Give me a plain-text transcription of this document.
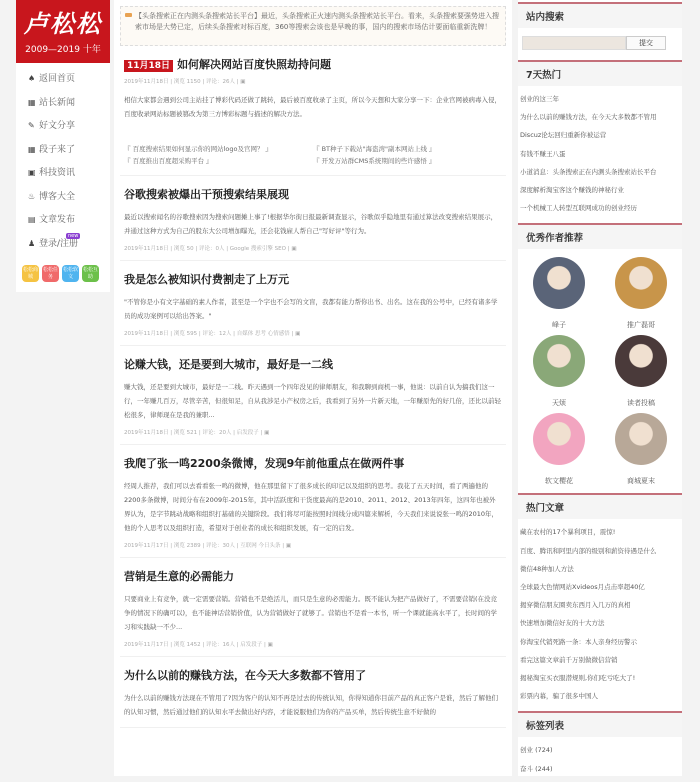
卢松松
2009—2019 十年
♠ 返回首页
▦ 站长新闻
✎ 好文分享
▦ 段子来了
▣ 科技资讯
♨ 博客大全
▤ 文章发布
♟ 登录/注册
new
松松商城
松松任务
松松软文
松松互助
【头条搜索正在内测头条搜索站长平台】最近，头条搜索正火速内测头条搜索站长平台。看来，头条搜索要强势进入搜索市场是大势已定，后续头条搜索对标百度，360等搜索会该也是早晚的事，国内的搜索市场估计要面临重新洗牌！
11月18日 如何解决网站百度快照劫持问题
2019年11月18日 | 浏览 1150 | 评论：26人 | ▣

相信大家都会遇到公司主站挂了博彩代码还做了跳转，最后被百度收录了主页，所以今天想和大家分享一下：企业官网被病毒入侵，百度收录网站标题被篡改为第三方博彩标题与描述的解决方法。

『 百度搜索结果如何显示你的网站logo及官网？ 』	『 BT种子下载站"海盗湾"副本网站上线 』
『 百度推出百度超采购平台 』	『 开发万站群CMS系统期间的些许感悟 』
谷歌搜索被爆出干预搜索结果展现

最近以搜索闻名的谷歌搜索因为搜索问题摊上事了!根据华尔街日报最新调查显示，谷歌似乎隐地里有通过算法改变搜索结果展示，并通过这种方式为自己的股东大公司增加曝光，还会花钱雇人帮自己"写好评"等行为。

2019年11月18日 | 浏览 50 | 评论：0人 | Google 搜索引擎 SEO | ▣
我是怎么被知识付费割走了上万元

"不管你是小有文字基础的素人作者，甚至是一个字也不会写的文盲，我都有能力帮你出书、出名。这在我的公号中，已经有诸多学员的成功案例可以给出答案。"

2019年11月18日 | 浏览 595 | 评论：12人 | 自媒体 思考 心情感悟 | ▣
论赚大钱，还是要到大城市，最好是一二线

赚大钱，还是要到大城市，最好是一二线。昨天遇到一个四年没见的律师朋友，和我聊到商机一事，他说：以前自认为搞我们这一行，一年赚几百万，尽管辛苦，但很知足，自从我涉足小产权房之后，我看到了另外一片新天地，一年赚原先的好几倍，还比以前轻松很多，律师现在是我的兼职...

2019年11月18日 | 浏览 521 | 评论：20人 | 启发段子 | ▣
我爬了张一鸣2200条微博，发现9年前他重点在做两件事

经周人推荐，我们可以去看看张一鸣的微博，他在那里留下了很多成长的印记以及组织的思考。我花了五天时间，看了两遍他的2200多条微博，时间分布在2009年-2015年，其中活跃度和干货度最高的是2010、2011、2012、2013年四年，这四年也被外界认为，是字节跳动战略和组织打基础的关键阶段。我们将尽可能按照时间线分成四篇来解析，今天我们来说说张一鸣的2010年，他的个人思考以及组织打造，希望对于创业者的成长和组织发展，有一定的启发。

2019年11月17日 | 浏览 2389 | 评论：30人 | 互联网 今日头条 | ▣
营销是生意的必需能力

只要商业上有竞争，就一定需要营销。营销也不是绝活儿，而只是生意的必需能力。既不能认为把产品做好了，不需要营销(在没竞争的情况下的确可以)，也不能神话营销价值，认为营销做好了就够了。营销也不是看一本书，听一个课就能高水平了，长时间的学习和实践缺一不少...

2019年11月17日 | 浏览 1452 | 评论：16人 | 启发段子 | ▣
为什么以前的赚钱方法，在今天大多数都不管用了

为什么以前的赚钱方法现在不管用了?因为客户的认知不再是过去的传统认知，你得知道你目前产品的真正客户是谁，然后了解他们的认知习惯，然后通过他们的认知水平去做出好内容，才能说服他们为你的产品买单，然后传统生意不好做的

站内搜索
提交
7天热门
创业的这三年
为什么以前的赚钱方法，在今天大多数都不管用
Discuz论坛回归重新你被运营
有钱不赚王八蛋
小道消息：头条搜索正在内测头条搜索站长平台
深度解析淘宝客这个赚钱的神秘行业
一个机械工人转型互联网成功的创业经历
优秀作者推荐
峰子	推广磊哥
天烦	读者投稿
软文樱花	商城夏末
热门文章
藏在农村的17个暴利项目，震惊!
百度、腾讯和阿里内部的级别和薪资待遇是什么
微信48种加人方法
全球最大色情网站Xvideos月点击率超40亿
揭穿微信朋友圈卖东西月入几万的真相
快速增加微信好友的十大方法
你淘宝代销死路一条：本人亲身经历警示
看完这篇文章前千万别做微信营销
揭秘淘宝买衣服潜规则,你们吃亏吃大了!
彩票内幕，骗了很多中国人
标签列表
创业 (724)
奋斗 (244)
